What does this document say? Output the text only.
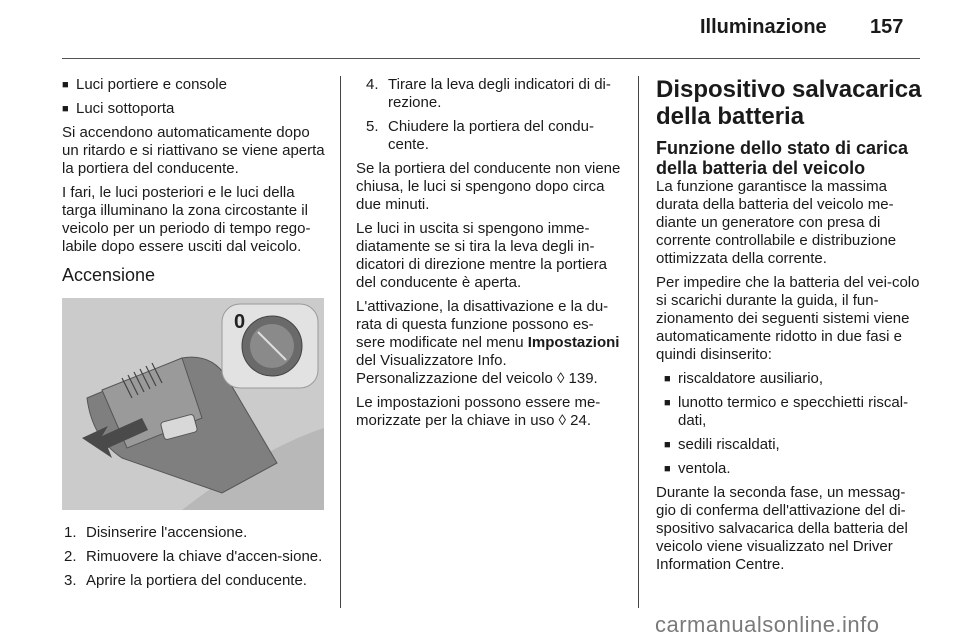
Illuminazione 157
■ Luci portiere e console
■ Luci sottoporta

Si accendono automaticamente dopo un ritardo e si riattivano se viene aperta la portiera del conducente.

I fari, le luci posteriori e le luci della targa illuminano la zona circostante il veicolo per un periodo di tempo rego-labile dopo essere usciti dal veicolo.

Accensione
0
1. Disinserire l'accensione.
2. Rimuovere la chiave d'accen-sione.
3. Aprire la portiera del conducente.
4. Tirare la leva degli indicatori di di-rezione.
5. Chiudere la portiera del condu-cente.

Se la portiera del conducente non viene chiusa, le luci si spengono dopo circa due minuti.

Le luci in uscita si spengono imme-diatamente se si tira la leva degli in-dicatori di direzione mentre la portiera del conducente è aperta.

L'attivazione, la disattivazione e la du-rata di questa funzione possono es-sere modificate nel menu Impostazioni del Visualizzatore Info. Personalizzazione del veicolo ◊ 139.

Le impostazioni possono essere me-morizzate per la chiave in uso ◊ 24.

Dispositivo salvacarica della batteria
Funzione dello stato di carica della batteria del veicolo

La funzione garantisce la massima durata della batteria del veicolo me-diante un generatore con presa di corrente controllabile e distribuzione ottimizzata della corrente.

Per impedire che la batteria del vei-colo si scarichi durante la guida, il fun-zionamento dei seguenti sistemi viene automaticamente ridotto in due fasi e quindi disinserito:

■ riscaldatore ausiliario,
■ lunotto termico e specchietti riscal-dati,
■ sedili riscaldati,
■ ventola.

Durante la seconda fase, un messag-gio di conferma dell'attivazione del di-spositivo salvacarica della batteria del veicolo viene visualizzato nel Driver Information Centre.

carmanualsonline.info
